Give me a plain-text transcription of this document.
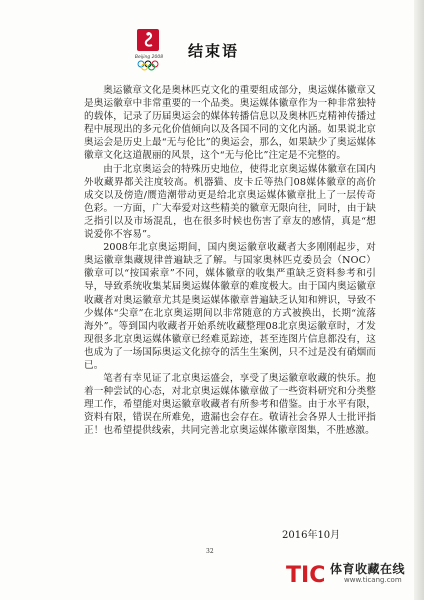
Beijing 2008 结束语

奥运徽章文化是奥林匹克文化的重要组成部分，奥运媒体徽章又是奥运徽章中非常重要的一个品类。奥运媒体徽章作为一种非常独特的载体，记录了历届奥运会的媒体转播信息以及奥林匹克精神传播过程中展现出的多元化价值倾向以及各国不同的文化内涵。如果说北京奥运会是历史上最“无与伦比”的奥运会，那么，如果缺少了奥运媒体徽章文化这道靓丽的风景，这个“无与伦比”注定是不完整的。

由于北京奥运会的特殊历史地位，使得北京奥运媒体徽章在国内外收藏界都关注度较高。机器猫、皮卡丘等热门08媒体徽章的高价成交以及傍造/赝造潮带动更是给北京奥运媒体徽章批上了一层传奇色彩。一方面，广大奉爱对这些精美的徽章无限向往，同时，由于缺乏指引以及市场混乱，也在很多时候也伤害了章友的感情，真是“想说爱你不容易”。

2008年北京奥运期间，国内奥运徽章收藏者大多刚刚起步，对奥运徽章集藏规律普遍缺乏了解。与国家奥林匹克委员会（NOC）徽章可以“按国索章”不同，媒体徽章的收集严重缺乏资料参考和引导，导致系统收集某届奥运媒体徽章的难度极大。由于国内奥运徽章收藏者对奥运徽章尤其是奥运媒体徽章普遍缺乏认知和辨识，导致不少媒体“尖章”在北京奥运期间以非常随意的方式被换出，长期“流落海外”。等到国内收藏者开始系统收藏整理08北京奥运徽章时，才发现很多北京奥运媒体徽章已经难觅踪迹，甚至连图片信息都没有，这也成为了一场国际奥运文化掠夺的活生生案例，只不过是没有硝烟而已。

笔者有幸见证了北京奥运盛会，享受了奥运徽章收藏的快乐。抱着一种尝试的心态，对北京奥运媒体徽章做了一些资料研究和分类整理工作，希望能对奥运徽章收藏者有所参考和借鉴。由于水平有限，资料有限，错误在所难免，遗漏也会存在。敬请社会各界人士批评指正！也希望提供线索，共同完善北京奥运媒体徽章图集，不胜感激。

2016年10月
32
TIC 体育收藏在线
www.ticang.com
